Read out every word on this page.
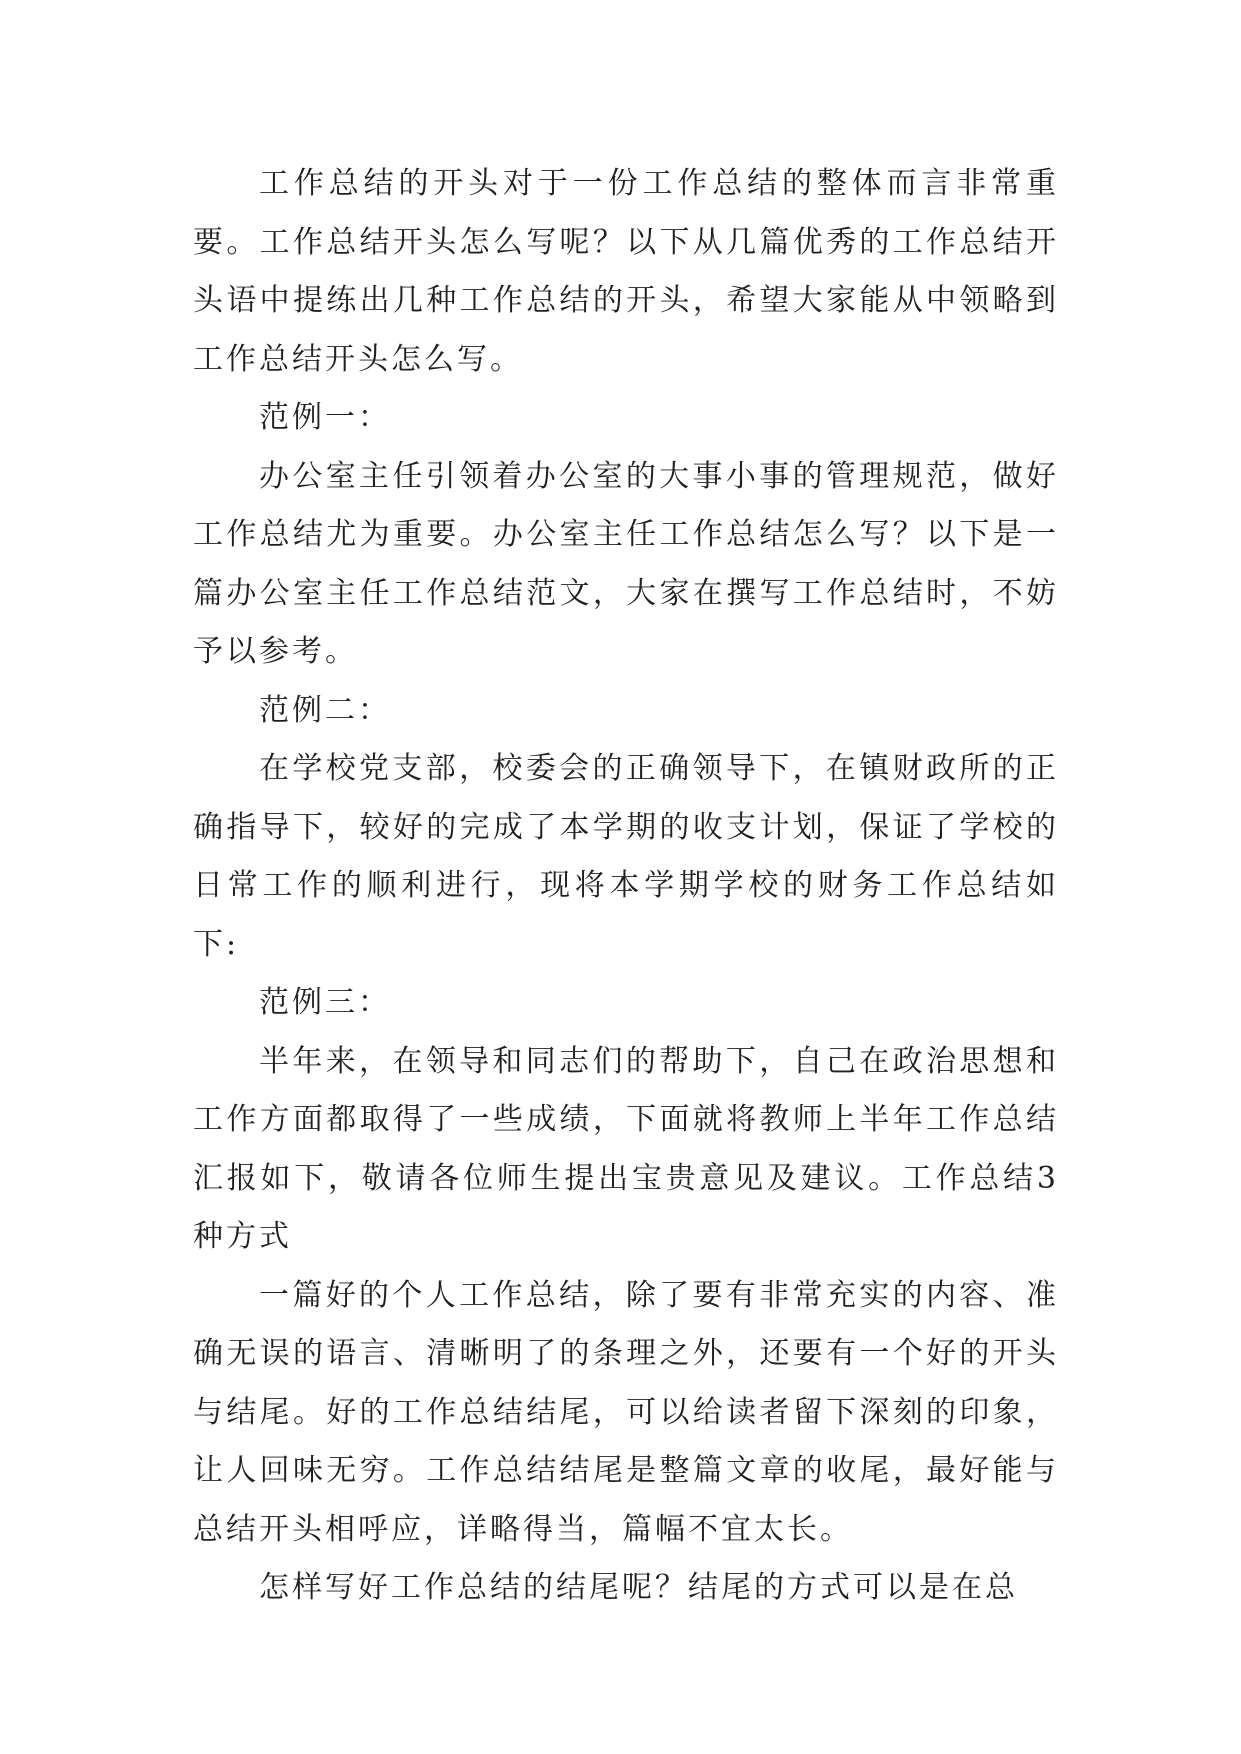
工作总结的开头对于一份工作总结的整体而言非常重要。工作总结开头怎么写呢？以下从几篇优秀的工作总结开头语中提练出几种工作总结的开头，希望大家能从中领略到工作总结开头怎么写。

范例一：

办公室主任引领着办公室的大事小事的管理规范，做好工作总结尤为重要。办公室主任工作总结怎么写？以下是一篇办公室主任工作总结范文，大家在撰写工作总结时，不妨予以参考。

范例二：

在学校党支部，校委会的正确领导下，在镇财政所的正确指导下，较好的完成了本学期的收支计划，保证了学校的日常工作的顺利进行，现将本学期学校的财务工作总结如下:

范例三：

半年来，在领导和同志们的帮助下，自己在政治思想和工作方面都取得了一些成绩，下面就将教师上半年工作总结汇报如下，敬请各位师生提出宝贵意见及建议。工作总结3种方式

一篇好的个人工作总结，除了要有非常充实的内容、准确无误的语言、清晰明了的条理之外，还要有一个好的开头与结尾。好的工作总结结尾，可以给读者留下深刻的印象，让人回味无穷。工作总结结尾是整篇文章的收尾，最好能与总结开头相呼应，详略得当，篇幅不宜太长。

怎样写好工作总结的结尾呢？结尾的方式可以是在总
